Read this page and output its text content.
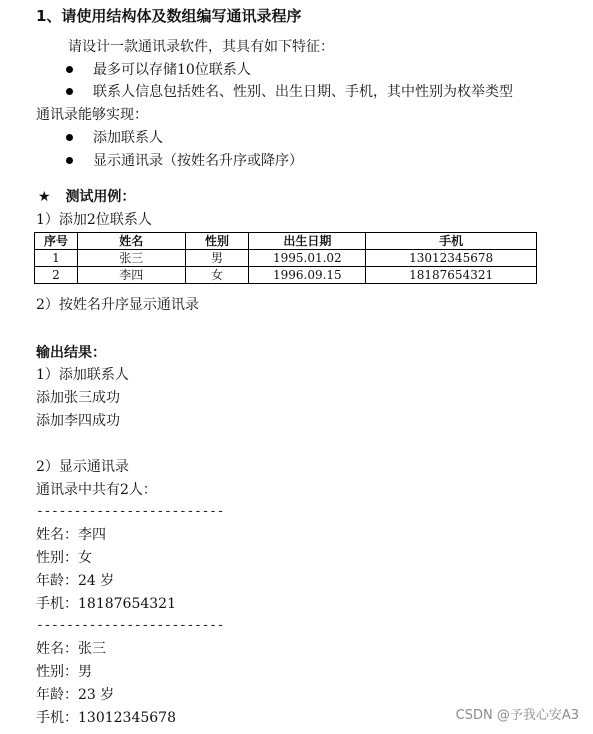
1、请使用结构体及数组编写通讯录程序
请设计一款通讯录软件，其具有如下特征：
最多可以存储10位联系人
联系人信息包括姓名、性别、出生日期、手机，其中性别为枚举类型
通讯录能够实现：
添加联系人
显示通讯录（按姓名升序或降序）
★ 测试用例：
1）添加2位联系人
序号	姓名	性别	出生日期	手机
1	张三	男	1995.01.02	13012345678
2	李四	女	1996.09.15	18187654321
2）按姓名升序显示通讯录
输出结果：
1）添加联系人
添加张三成功
添加李四成功
2）显示通讯录
通讯录中共有2人：
-------------------------
姓名：李四
性别：女
年龄：24 岁
手机：18187654321
-------------------------
姓名：张三
性别：男
年龄：23 岁
手机：13012345678	CSDN @予我心安A3
